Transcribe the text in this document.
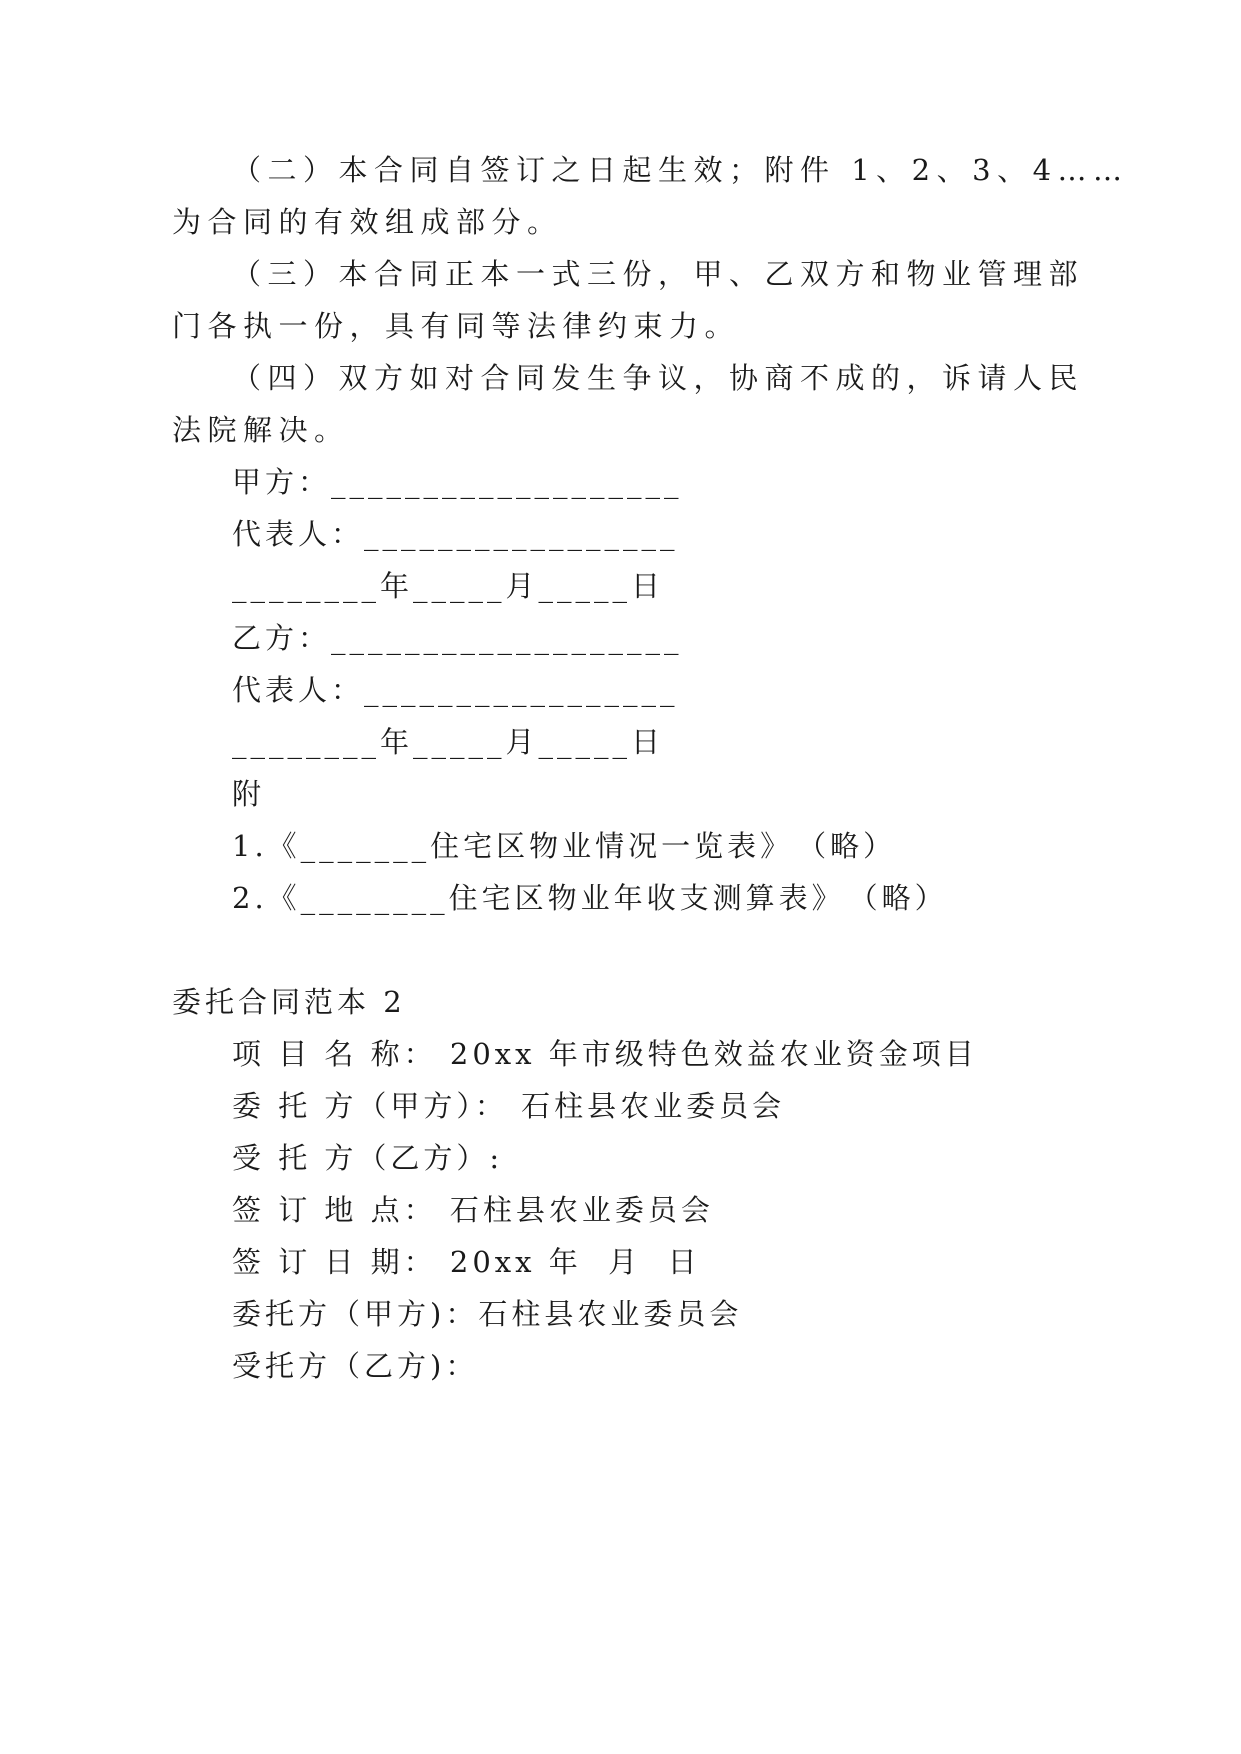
（二）本合同自签订之日起生效；附件 1、2、3、4……
为合同的有效组成部分。
（三）本合同正本一式三份，甲、乙双方和物业管理部
门各执一份，具有同等法律约束力。
（四）双方如对合同发生争议，协商不成的，诉请人民
法院解决。
甲方：___________________
代表人：_________________
________年_____月_____日
乙方：___________________
代表人：_________________
________年_____月_____日
附
1.《_______住宅区物业情况一览表》　（略）
2.《________住宅区物业年收支测算表》　（略）
委托合同范本 2
项 目 名 称： 20xx 年市级特色效益农业资金项目
委 托 方（甲方）： 石柱县农业委员会
受 托 方（乙方）:
签 订 地 点： 石柱县农业委员会
签 订 日 期： 20xx 年  月  日
委托方（甲方)：石柱县农业委员会
受托方（乙方)：
